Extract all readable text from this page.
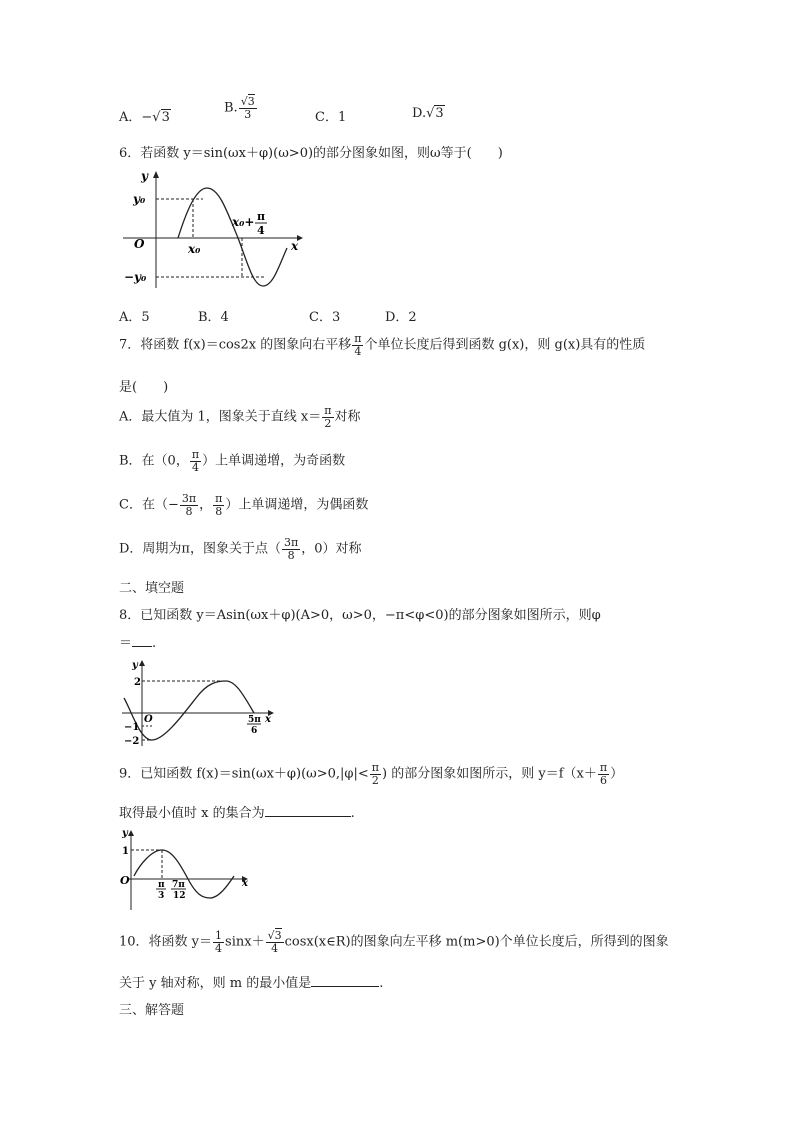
A．−√3
B. $\frac{√3}{3}$	C．1	D.√3
6．若函数 y＝sin(ωx＋φ)(ω>0)的部分图象如图，则ω等于(　　)
y
x
O
y₀
−y₀
x₀
x₀+ π
4
A．5	B．4	C．3	D．2
7．将函数 f(x)＝cos2x 的图象向右平移 $\frac{\pi}{4}$ 个单位长度后得到函数 g(x)，则 g(x)具有的性质
是(　　)
A．最大值为 1，图象关于直线 $x= \frac{\pi}{2}$ 对称
B．在（0， $\frac{\pi}{4}$ ）上单调递增，为奇函数
C．在（− $\frac{3\pi}{8}$ ， $\frac{\pi}{8}$ ）上单调递增，为偶函数
D．周期为π，图象关于点（ $\frac{3\pi}{8}$ ，0）对称
二、填空题
8．已知函数 y＝Asin(ωx＋φ)(A>0，ω>0，−π<φ<0)的部分图象如图所示，则φ
＝ .
y
x
O
2
−1
−2
5π
6
9．已知函数 $f(x)=\sin(\omega x+\varphi)(\omega>0,|\varphi|< \frac{\pi}{2}$ ) 的部分图象如图所示，则 $y=f(x+ \frac{\pi}{6}$ ）
取得最小值时 x 的集合为	.
y
x
O
1
π
3
7π
12
10．将函数 $y= \frac{1}{4} \sin x+ \frac{√3}{4}$ cosx(x∈R)的图象向左平移 m(m>0)个单位长度后，所得到的图象
关于 y 轴对称，则 m 的最小值是	.
三、解答题
